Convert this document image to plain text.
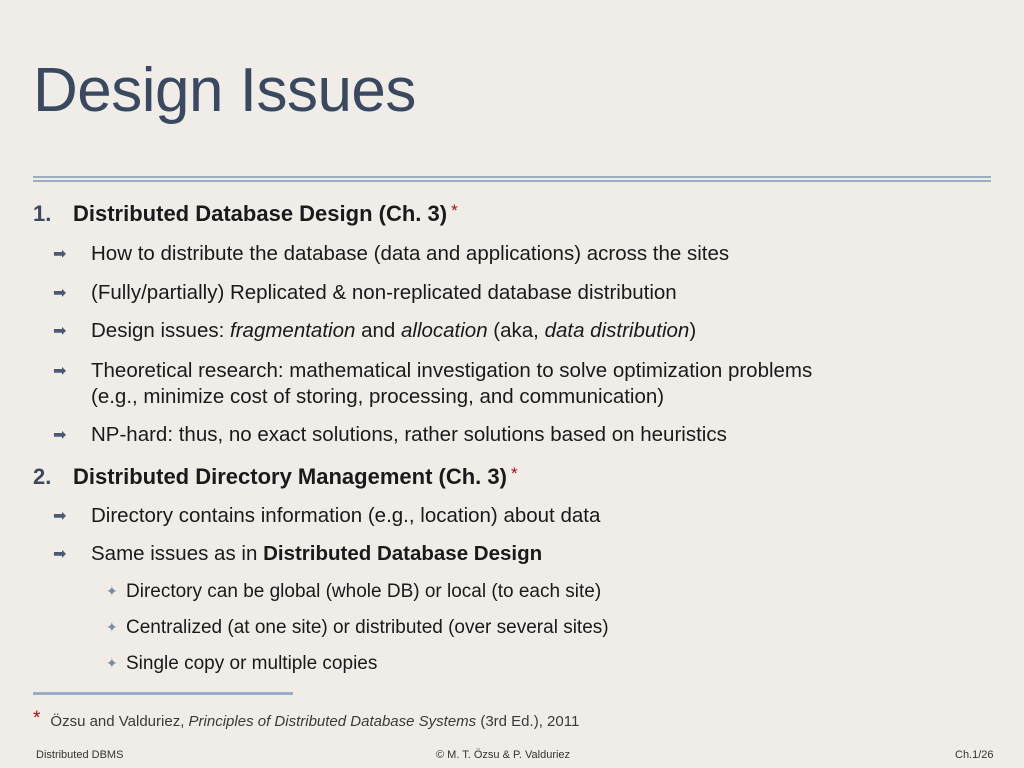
Design Issues
1. Distributed Database Design (Ch. 3) *
➡ How to distribute the database (data and applications) across the sites
➡ (Fully/partially) Replicated & non-replicated database distribution
➡ Design issues: fragmentation and allocation (aka, data distribution)
➡ Theoretical research: mathematical investigation to solve optimization problems
(e.g., minimize cost of storing, processing, and communication)
➡ NP-hard: thus, no exact solutions, rather solutions based on heuristics
2. Distributed Directory Management (Ch. 3) *
➡ Directory contains information (e.g., location) about data
➡ Same issues as in Distributed Database Design
✦ Directory can be global (whole DB) or local (to each site)
✦ Centralized (at one site) or distributed (over several sites)
✦ Single copy or multiple copies
* Özsu and Valduriez, Principles of Distributed Database Systems (3rd Ed.), 2011
Distributed DBMS	© M. T. Özsu & P. Valduriez	Ch.1/26
